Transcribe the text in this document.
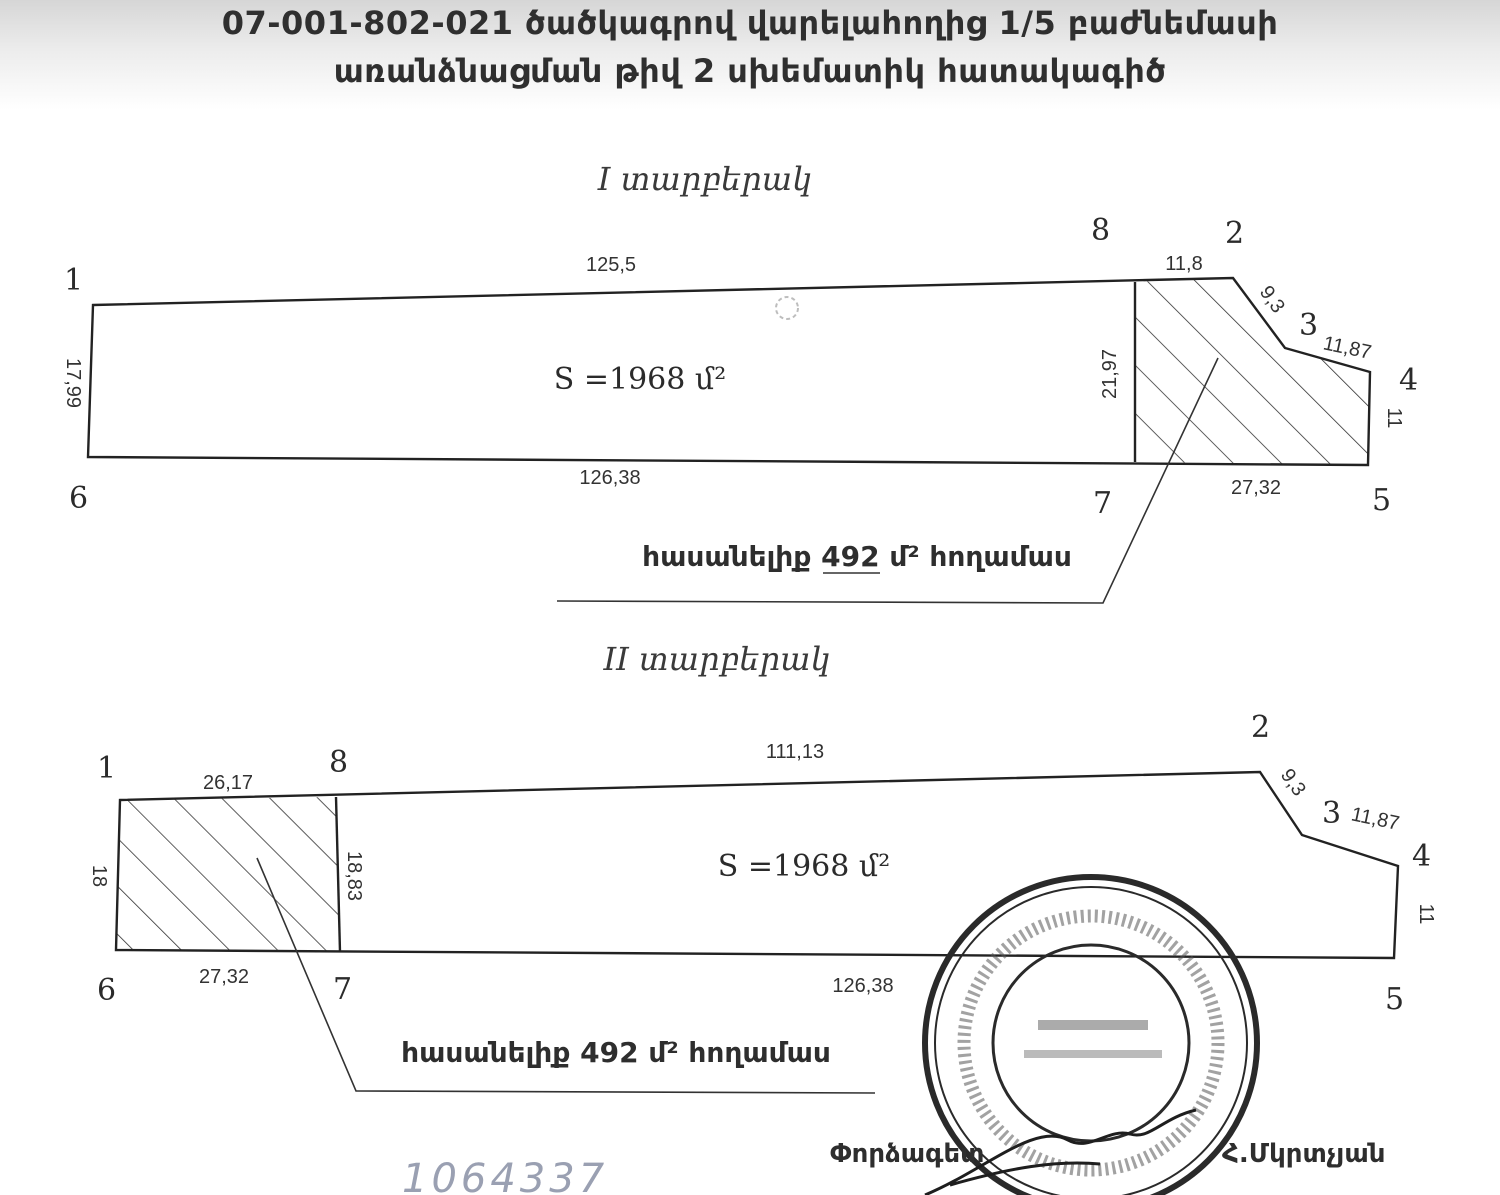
07-001-802-021 ծածկագրով վարելահողից 1/5 բաժնեմասի
առանձնացման թիվ 2 սխեմատիկ հատակագիծ
I տարբերակ
1
8	2
3
4
5
6	7
125,5	11,8
9,3
11,87
11
126,38	27,32
17,99	21,97
S =1968 մ²
հասանելիք 492 մ² հողամաս
II տարբերակ
1	8
2
3
4
5
6	7
26,17
111,13
9,3
11,87
11
27,32	126,38
18	18,83	S =1968 մ²
հասանելիք 492 մ² հողամաս
Փորձագետ	Հ.Մկրտչյան
1064337
